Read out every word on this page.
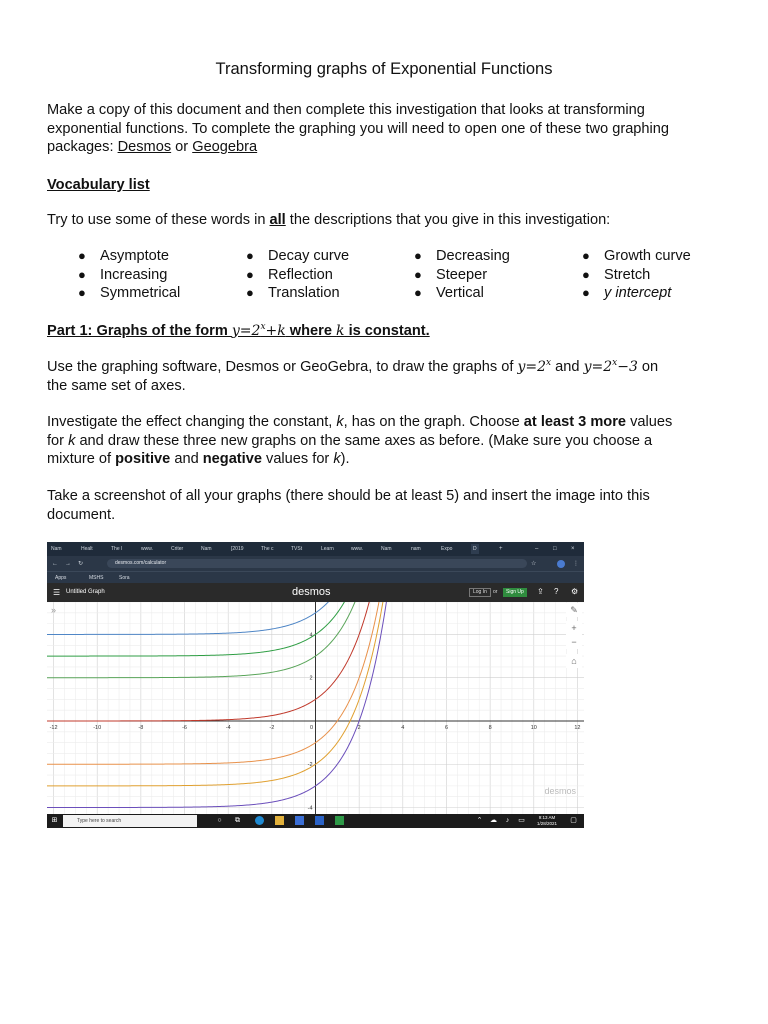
Transforming graphs of Exponential Functions
Make a copy of this document and then complete this investigation that looks at transforming
exponential functions. To complete the graphing you will need to open one of these two graphing
packages: Desmos or Geogebra
Vocabulary list
Try to use some of these words in all the descriptions that you give in this investigation:
● Asymptote
● Increasing
● Symmetrical
● Decay curve
● Reflection
● Translation
● Decreasing
● Steeper
● Vertical
● Growth curve
● Stretch
● y intercept
Part 1: Graphs of the form $y=2^x+k$ where k is constant.
Use the graphing software, Desmos or GeoGebra, to draw the graphs of $y=2^x$ and $y=2^x-3$ on
the same set of axes.
Investigate the effect changing the constant, k, has on the graph. Choose at least 3 more values
for k and draw these three new graphs on the same axes as before. (Make sure you choose a
mixture of positive and negative values for k).
Take a screenshot of all your graphs (there should be at least 5) and insert the image into this
document.
Nam	Healt	The I	www.	Criter	Nam	[2019	The c	TVSt	Learn	www.	Nam	nam	Expo	D	+	– □ ×
← → ↻	desmos.com/calculator	☆	⋮
Apps	MSHS	Sora
☰ Untitled Graph	desmos	Log In	or	Sign Up	⇪ ? ⚙
-12	-10	-8	-6	-4	-2	0	2	4	6	8	10	12
-4
-2
2
4
»	✎
+
−
⌂
desmos
⊞	Type here to search	○	⧉	⌃ ☁	♪	▭	9:13 AM
1/28/2021 ▢
